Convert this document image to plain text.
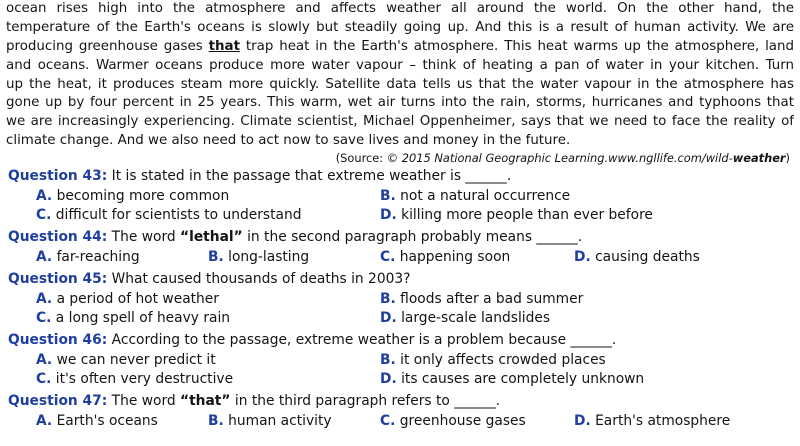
ocean rises high into the atmosphere and affects weather all around the world. On the other hand, the
temperature of the Earth's oceans is slowly but steadily going up. And this is a result of human activity. We are
producing greenhouse gases that trap heat in the Earth's atmosphere. This heat warms up the atmosphere, land
and oceans. Warmer oceans produce more water vapour – think of heating a pan of water in your kitchen. Turn
up the heat, it produces steam more quickly. Satellite data tells us that the water vapour in the atmosphere has
gone up by four percent in 25 years. This warm, wet air turns into the rain, storms, hurricanes and typhoons that
we are increasingly experiencing. Climate scientist, Michael Oppenheimer, says that we need to face the reality of
climate change. And we also need to act now to save lives and money in the future.
(Source: © 2015 National Geographic Learning.www.ngllife.com/wild-weather)
Question 43: It is stated in the passage that extreme weather is ______.
A. becoming more common	B. not a natural occurrence
C. difficult for scientists to understand	D. killing more people than ever before
Question 44: The word “lethal” in the second paragraph probably means ______.
A. far-reaching	B. long-lasting	C. happening soon	D. causing deaths
Question 45: What caused thousands of deaths in 2003?
A. a period of hot weather	B. floods after a bad summer
C. a long spell of heavy rain	D. large-scale landslides
Question 46: According to the passage, extreme weather is a problem because ______.
A. we can never predict it	B. it only affects crowded places
C. it's often very destructive	D. its causes are completely unknown
Question 47: The word “that” in the third paragraph refers to ______.
A. Earth's oceans	B. human activity	C. greenhouse gases	D. Earth's atmosphere
